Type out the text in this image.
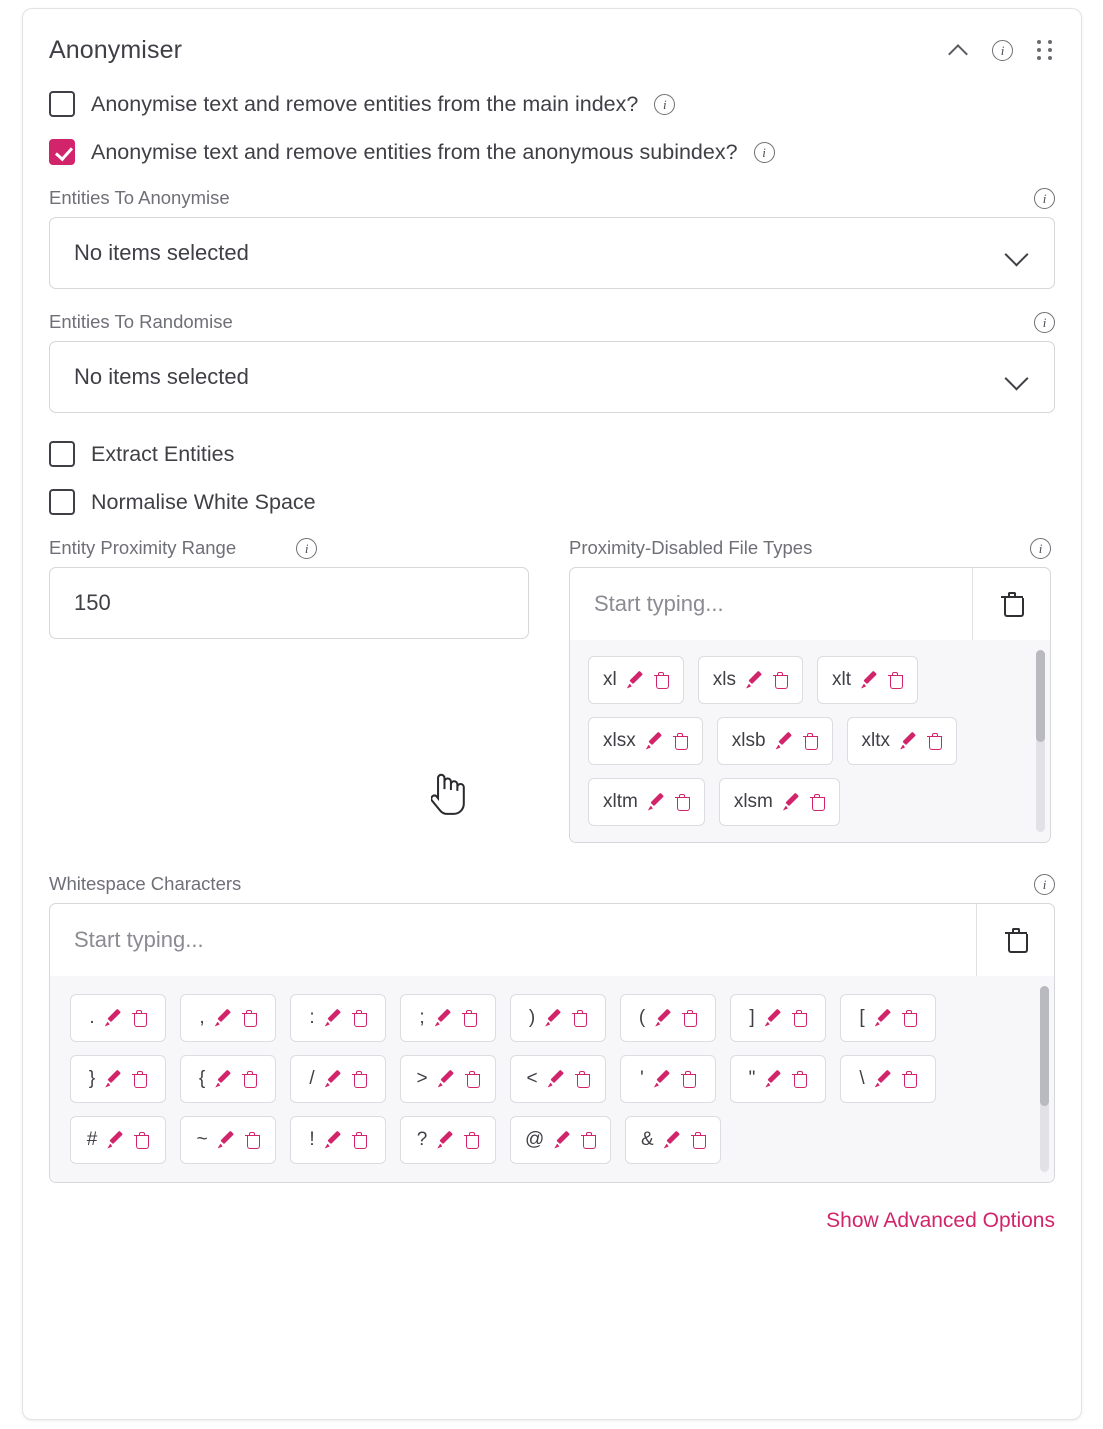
Anonymiser	i
Anonymise text and remove entities from the main index?	i
Anonymise text and remove entities from the anonymous subindex?	i
Entities To Anonymise	i
No items selected
Entities To Randomise	i
No items selected
Extract Entities
Normalise White Space
Entity Proximity Range	i
150
Proximity-Disabled File Types	i
Start typing...
xl	xls	xlt
xlsx	xlsb	xltx
xltm	xlsm
Whitespace Characters	i
Start typing...
.	,	:	;	)	(	]	[
}	{	/	>	<	'	"	\
#	~	!	?	@	&
Show Advanced Options
